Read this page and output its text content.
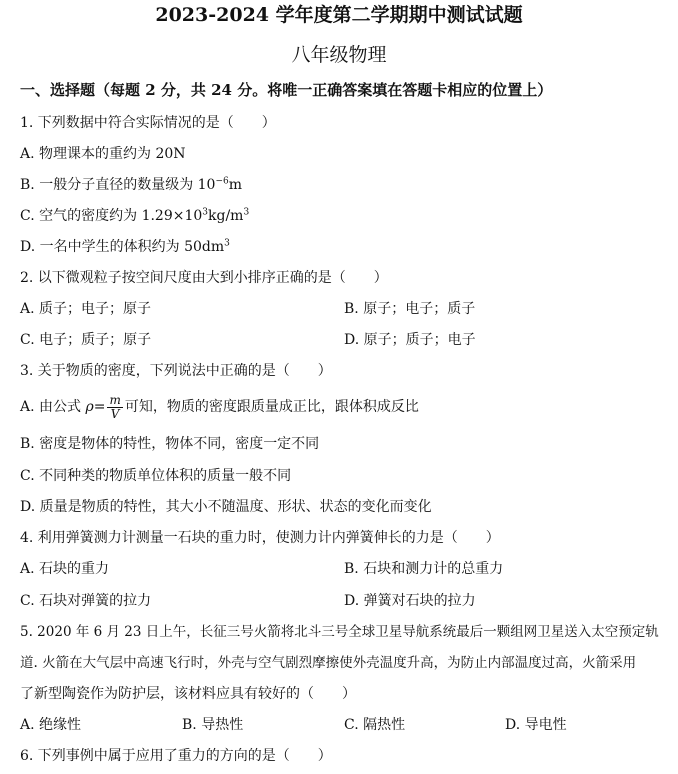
2023-2024 学年度第二学期期中测试试题
八年级物理
一、选择题（每题 2 分，共 24 分。将唯一正确答案填在答题卡相应的位置上）
1. 下列数据中符合实际情况的是（　　）
A. 物理课本的重约为 20N
B. 一般分子直径的数量级为 $10^{-6}m$
C. 空气的密度约为 $1.29\times 10^3kg/m^3$
D. 一名中学生的体积约为 $50dm^3$
2. 以下微观粒子按空间尺度由大到小排序正确的是（　　）
A. 质子；电子；原子	B. 原子；电子；质子
C. 电子；质子；原子	D. 原子；质子；电子
3. 关于物质的密度，下列说法中正确的是（　　）
A. 由公式 $\rho= \frac{m}{V}$ 可知，物质的密度跟质量成正比，跟体积成反比
B. 密度是物体的特性，物体不同，密度一定不同
C. 不同种类的物质单位体积的质量一般不同
D. 质量是物质的特性，其大小不随温度、形状、状态的变化而变化
4. 利用弹簧测力计测量一石块的重力时，使测力计内弹簧伸长的力是（　　）
A. 石块的重力	B. 石块和测力计的总重力
C. 石块对弹簧的拉力	D. 弹簧对石块的拉力
5. 2020 年 6 月 23 日上午，长征三号火箭将北斗三号全球卫星导航系统最后一颗组网卫星送入太空预定轨
道. 火箭在大气层中高速飞行时，外壳与空气剧烈摩擦使外壳温度升高，为防止内部温度过高，火箭采用
了新型陶瓷作为防护层，该材料应具有较好的（　　）
A. 绝缘性	B. 导热性	C. 隔热性	D. 导电性
6. 下列事例中属于应用了重力的方向的是（　　）
